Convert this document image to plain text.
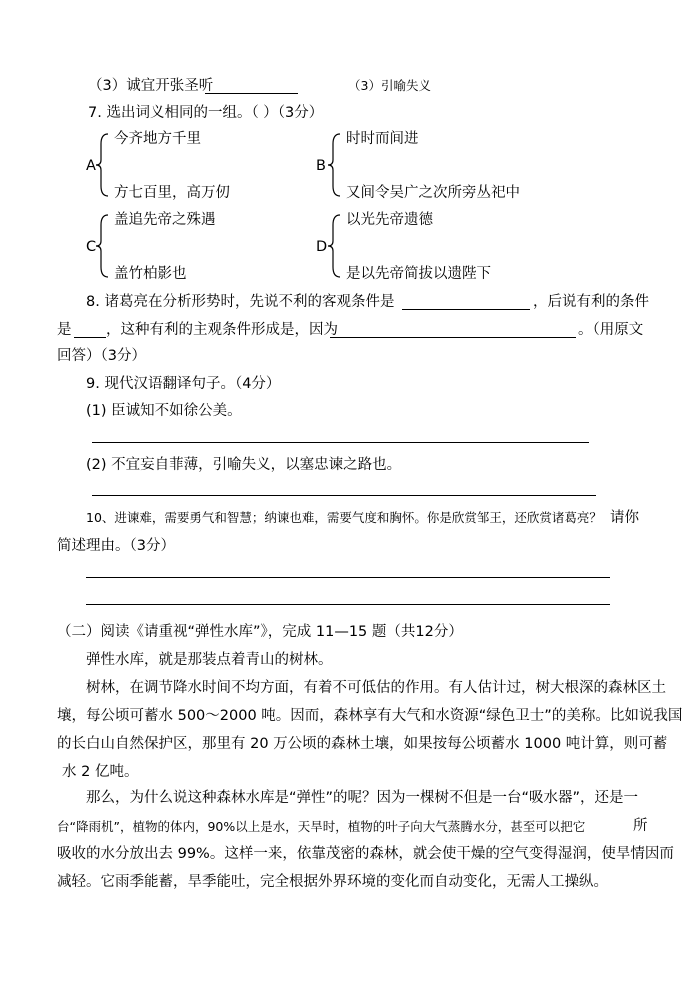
（3）诚宜开张圣听	（3）引喻失义
7. 选出词义相同的一组。（ ）（3分）
A
今齐地方千里
方七百里，高万仞
B
时时而间进
又间令吴广之次所旁丛祀中
C
盖追先帝之殊遇
盖竹柏影也
D
以光先帝遗德
是以先帝简拔以遗陛下
8. 诸葛亮在分析形势时，先说不利的客观条件是	，后说有利的条件
是 ，这种有利的主观条件形成是，因为	。（用原文
回答）（3分）
9. 现代汉语翻译句子。（4分）
(1) 臣诚知不如徐公美。
(2) 不宜妄自菲薄，引喻失义，以塞忠谏之路也。
10、进谏难，需要勇气和智慧；纳谏也难，需要气度和胸怀。你是欣赏邹王，还欣赏诸葛亮？ 请你
简述理由。（3分）
（二）阅读《请重视“弹性水库”》，完成 11—15 题（共12分）
弹性水库，就是那装点着青山的树林。
树林，在调节降水时间不均方面，有着不可低估的作用。有人估计过，树大根深的森林区土
壤，每公顷可蓄水 500～2000 吨。因而，森林享有大气和水资源“绿色卫士”的美称。比如说我国
的长白山自然保护区，那里有 20 万公顷的森林土壤，如果按每公顷蓄水 1000 吨计算，则可蓄
水 2 亿吨。
那么，为什么说这种森林水库是“弹性”的呢？因为一棵树不但是一台“吸水器”，还是一
台“降雨机”，植物的体内，90%以上是水，天旱时，植物的叶子向大气蒸腾水分，甚至可以把它	所
吸收的水分放出去 99%。这样一来，依靠茂密的森林，就会使干燥的空气变得湿润，使旱情因而
减轻。它雨季能蓄，旱季能吐，完全根据外界环境的变化而自动变化，无需人工操纵。
